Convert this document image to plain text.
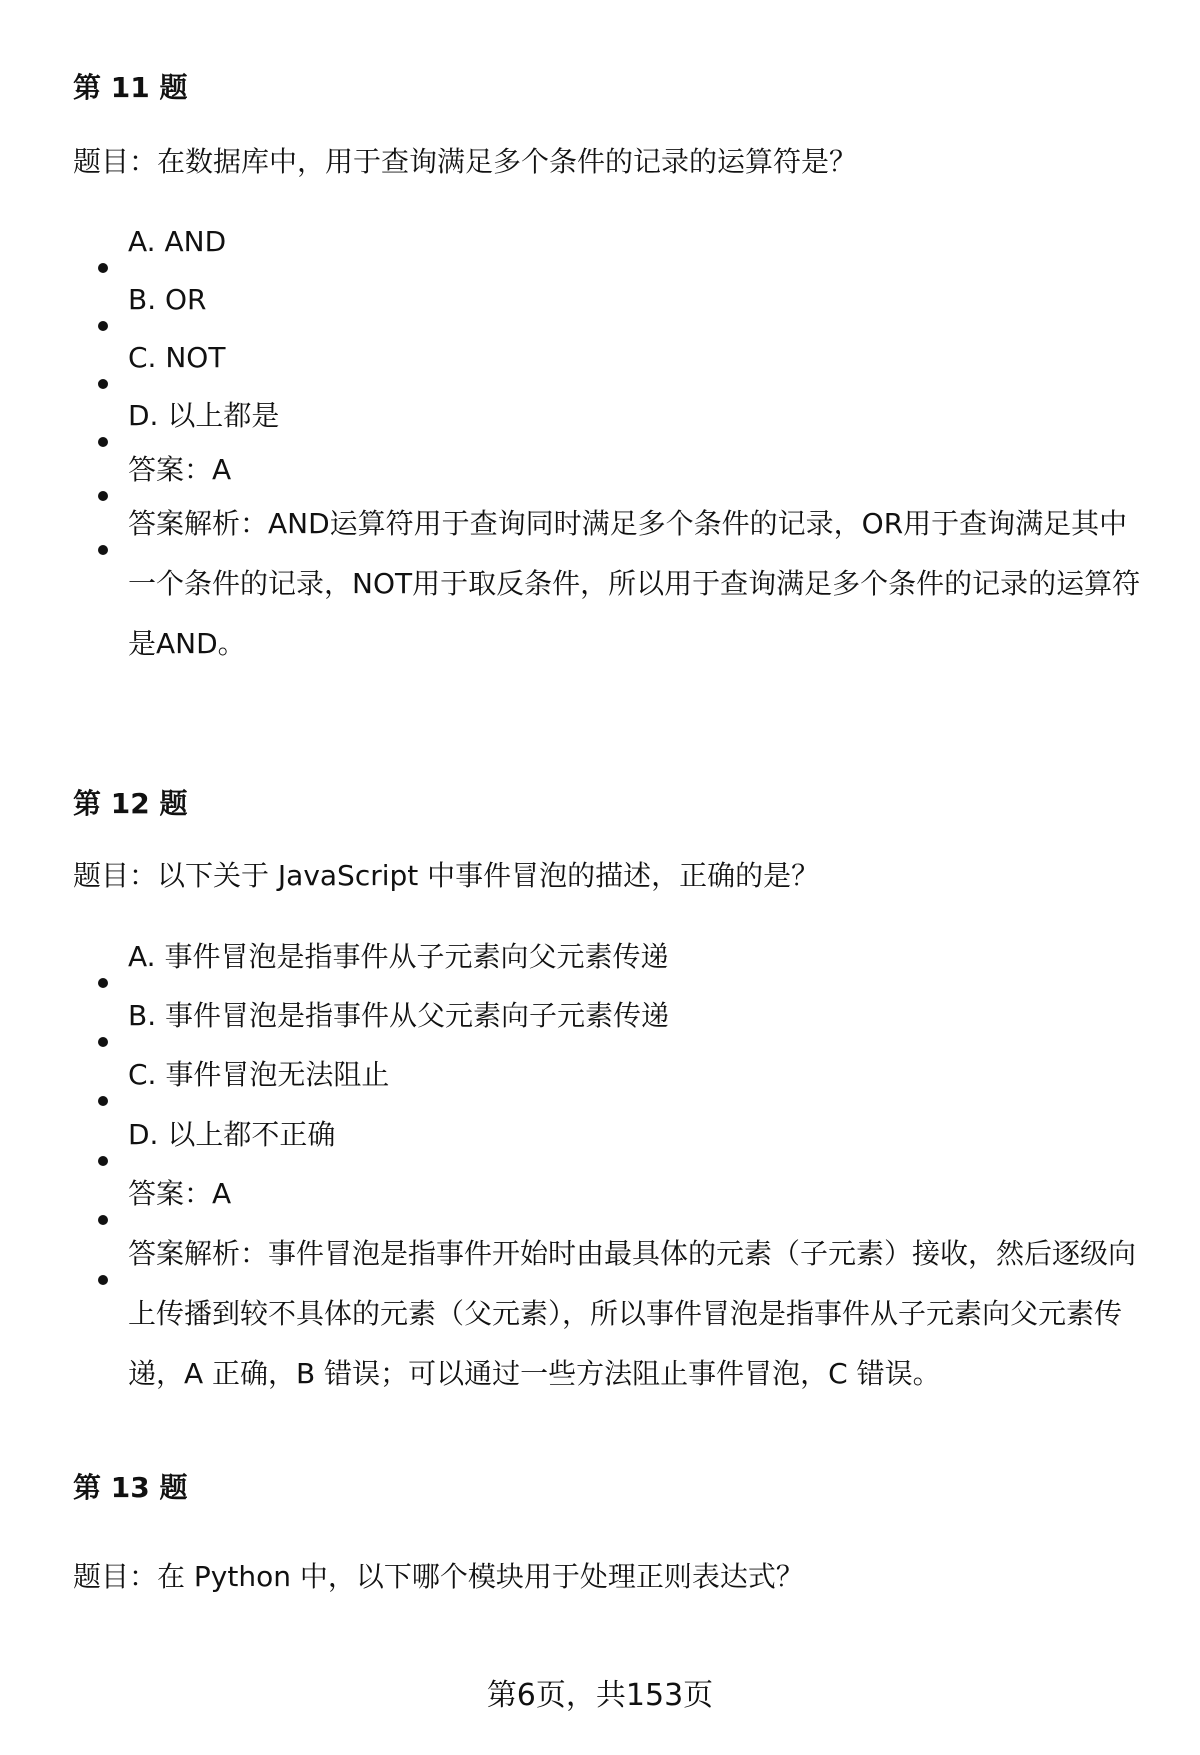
第 11 题
题目：在数据库中，用于查询满足多个条件的记录的运算符是？
A. AND
B. OR
C. NOT
D. 以上都是
答案：A
答案解析：AND运算符用于查询同时满足多个条件的记录，OR用于查询满足其中一个条件的记录，NOT用于取反条件，所以用于查询满足多个条件的记录的运算符是AND。
第 12 题
题目：以下关于 JavaScript 中事件冒泡的描述，正确的是？
A. 事件冒泡是指事件从子元素向父元素传递
B. 事件冒泡是指事件从父元素向子元素传递
C. 事件冒泡无法阻止
D. 以上都不正确
答案：A
答案解析：事件冒泡是指事件开始时由最具体的元素（子元素）接收，然后逐级向上传播到较不具体的元素（父元素），所以事件冒泡是指事件从子元素向父元素传递，A 正确，B 错误；可以通过一些方法阻止事件冒泡，C 错误。
第 13 题
题目：在 Python 中，以下哪个模块用于处理正则表达式？
第6页，共153页
